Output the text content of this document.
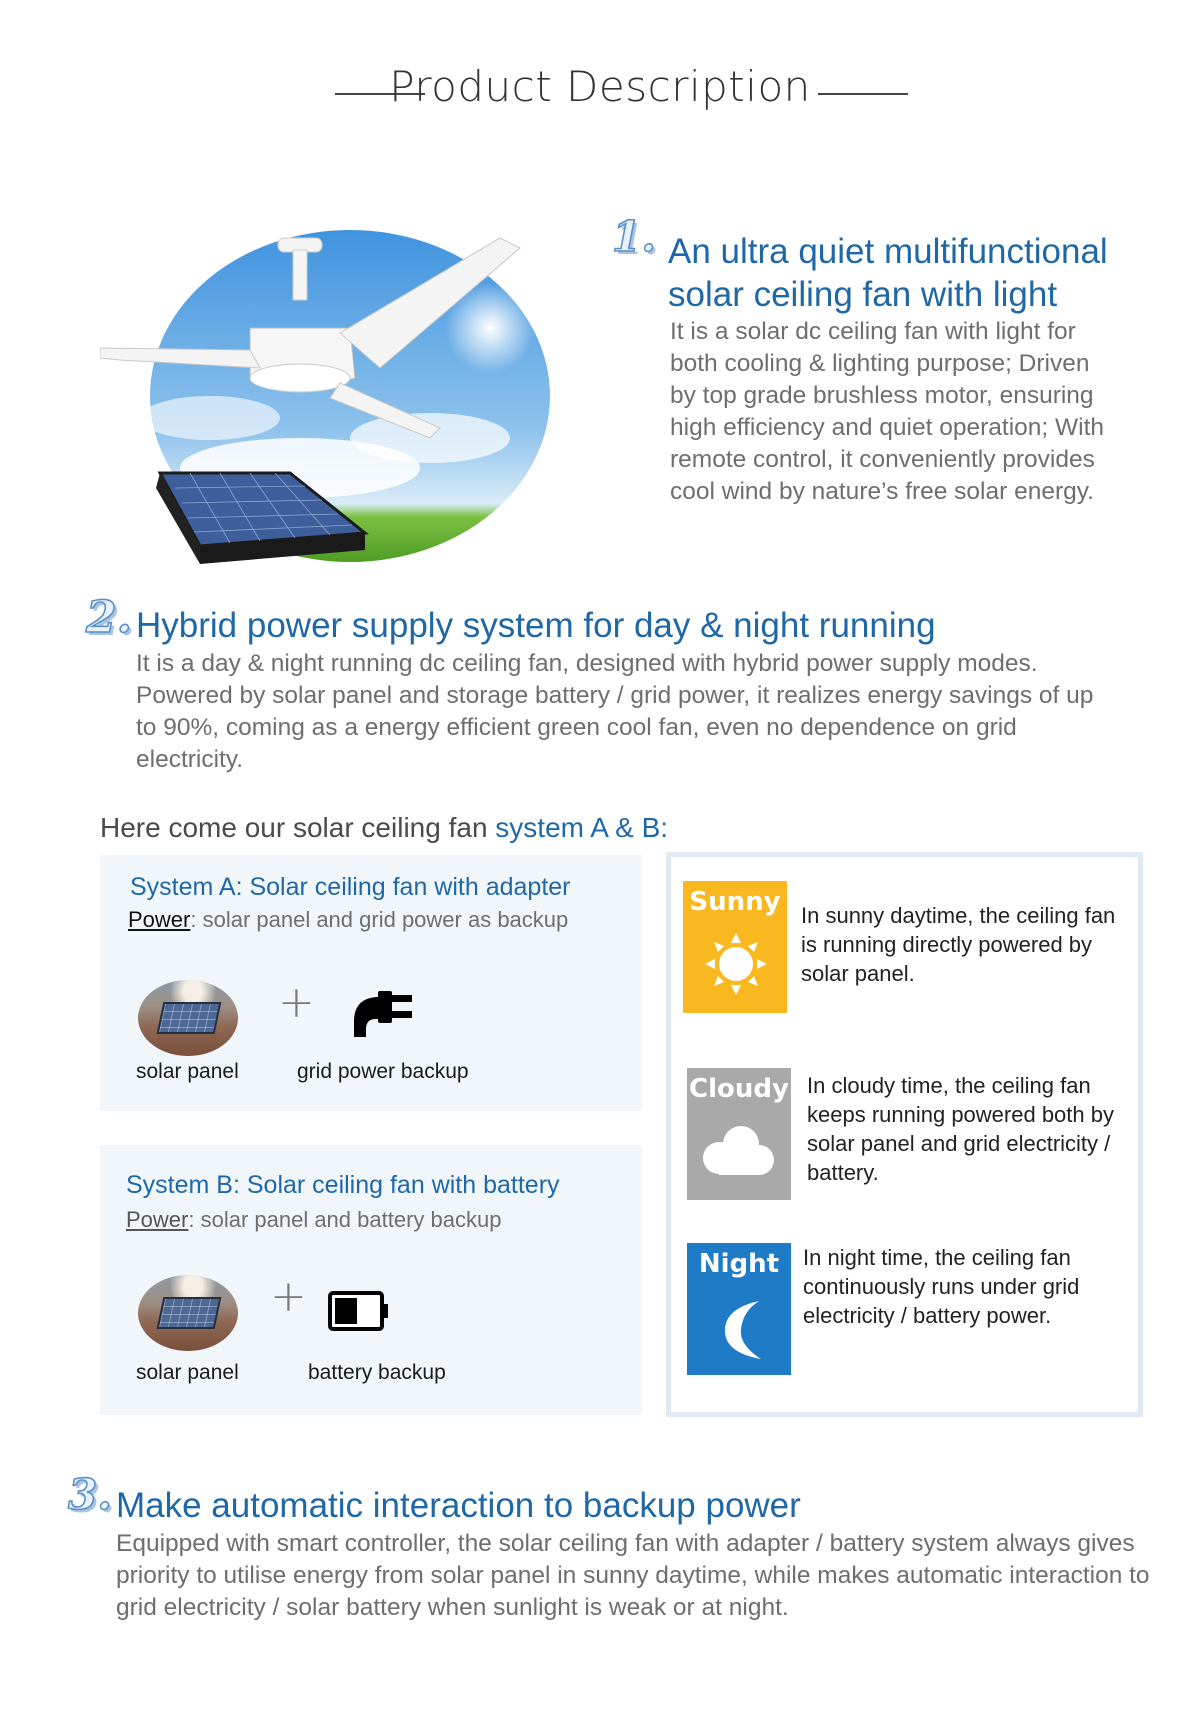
Product Description
1. An ultra quiet multifunctional solar ceiling fan with light
It is a solar dc ceiling fan with light for both cooling & lighting purpose; Driven by top grade brushless motor, ensuring high efficiency and quiet operation; With remote control, it conveniently provides cool wind by nature’s free solar energy.
2. Hybrid power supply system for day & night running
It is a day & night running dc ceiling fan, designed with hybrid power supply modes. Powered by solar panel and storage battery / grid power, it realizes energy savings of up to 90%, coming as a energy efficient green cool fan, even no dependence on grid electricity.
Here come our solar ceiling fan system A & B:
System A: Solar ceiling fan with adapter
Power: solar panel and grid power as backup
+
solar panel	grid power backup
System B: Solar ceiling fan with battery
Power: solar panel and battery backup
+
solar panel	battery backup
Sunny In sunny daytime, the ceiling fan is running directly powered by solar panel.
Cloudy In cloudy time, the ceiling fan keeps running powered both by solar panel and grid electricity / battery.
Night	In night time, the ceiling fan continuously runs under grid electricity / battery power.
3. Make automatic interaction to backup power
Equipped with smart controller, the solar ceiling fan with adapter / battery system always gives priority to utilise energy from solar panel in sunny daytime, while makes automatic interaction to grid electricity / solar battery when sunlight is weak or at night.
